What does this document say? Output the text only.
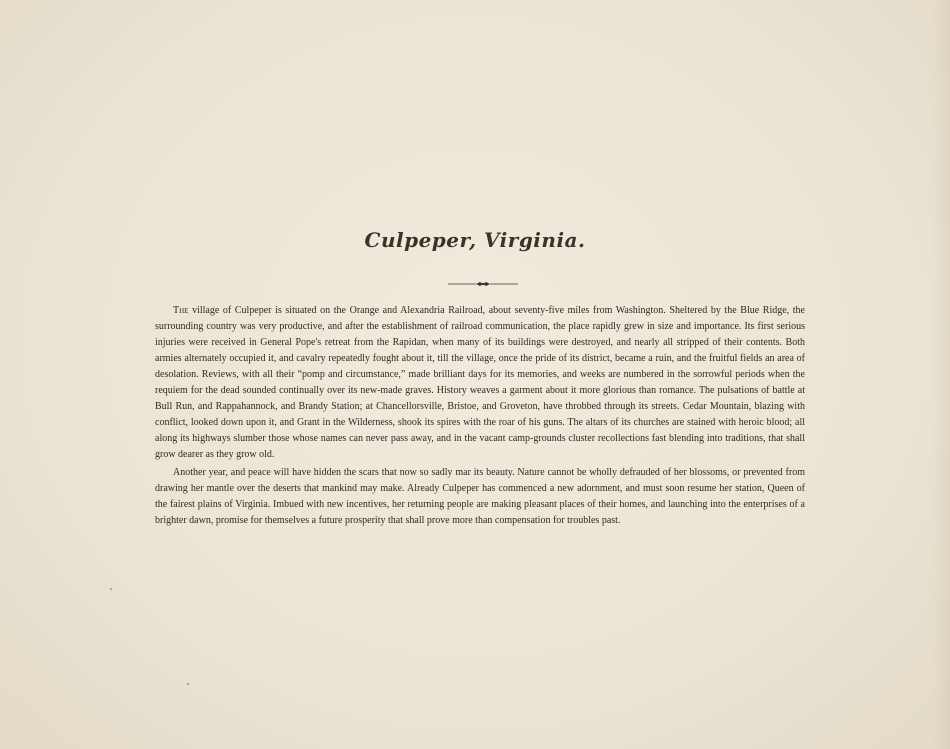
Culpeper, Virginia.

The village of Culpeper is situated on the Orange and Alexandria Railroad, about seventy-five miles from Washington. Sheltered by the Blue Ridge, the surrounding country was very productive, and after the establishment of railroad communication, the place rapidly grew in size and importance. Its first serious injuries were received in General Pope's retreat from the Rapidan, when many of its buildings were destroyed, and nearly all stripped of their contents. Both armies alternately occupied it, and cavalry repeatedly fought about it, till the village, once the pride of its district, became a ruin, and the fruitful fields an area of desolation. Reviews, with all their “pomp and circumstance,” made brilliant days for its memories, and weeks are numbered in the sorrowful periods when the requiem for the dead sounded continually over its new-made graves. History weaves a garment about it more glorious than romance. The pulsations of battle at Bull Run, and Rappahannock, and Brandy Station; at Chancellorsville, Bristoe, and Groveton, have throbbed through its streets. Cedar Mountain, blazing with conflict, looked down upon it, and Grant in the Wilderness, shook its spires with the roar of his guns. The altars of its churches are stained with heroic blood; all along its highways slumber those whose names can never pass away, and in the vacant camp-grounds cluster recollections fast blending into traditions, that shall grow dearer as they grow old.

Another year, and peace will have hidden the scars that now so sadly mar its beauty. Nature cannot be wholly defrauded of her blossoms, or prevented from drawing her mantle over the deserts that mankind may make. Already Culpeper has commenced a new adornment, and must soon resume her station, Queen of the fairest plains of Virginia. Imbued with new incentives, her returning people are making pleasant places of their homes, and launching into the enterprises of a brighter dawn, promise for themselves a future prosperity that shall prove more than compensation for troubles past.
